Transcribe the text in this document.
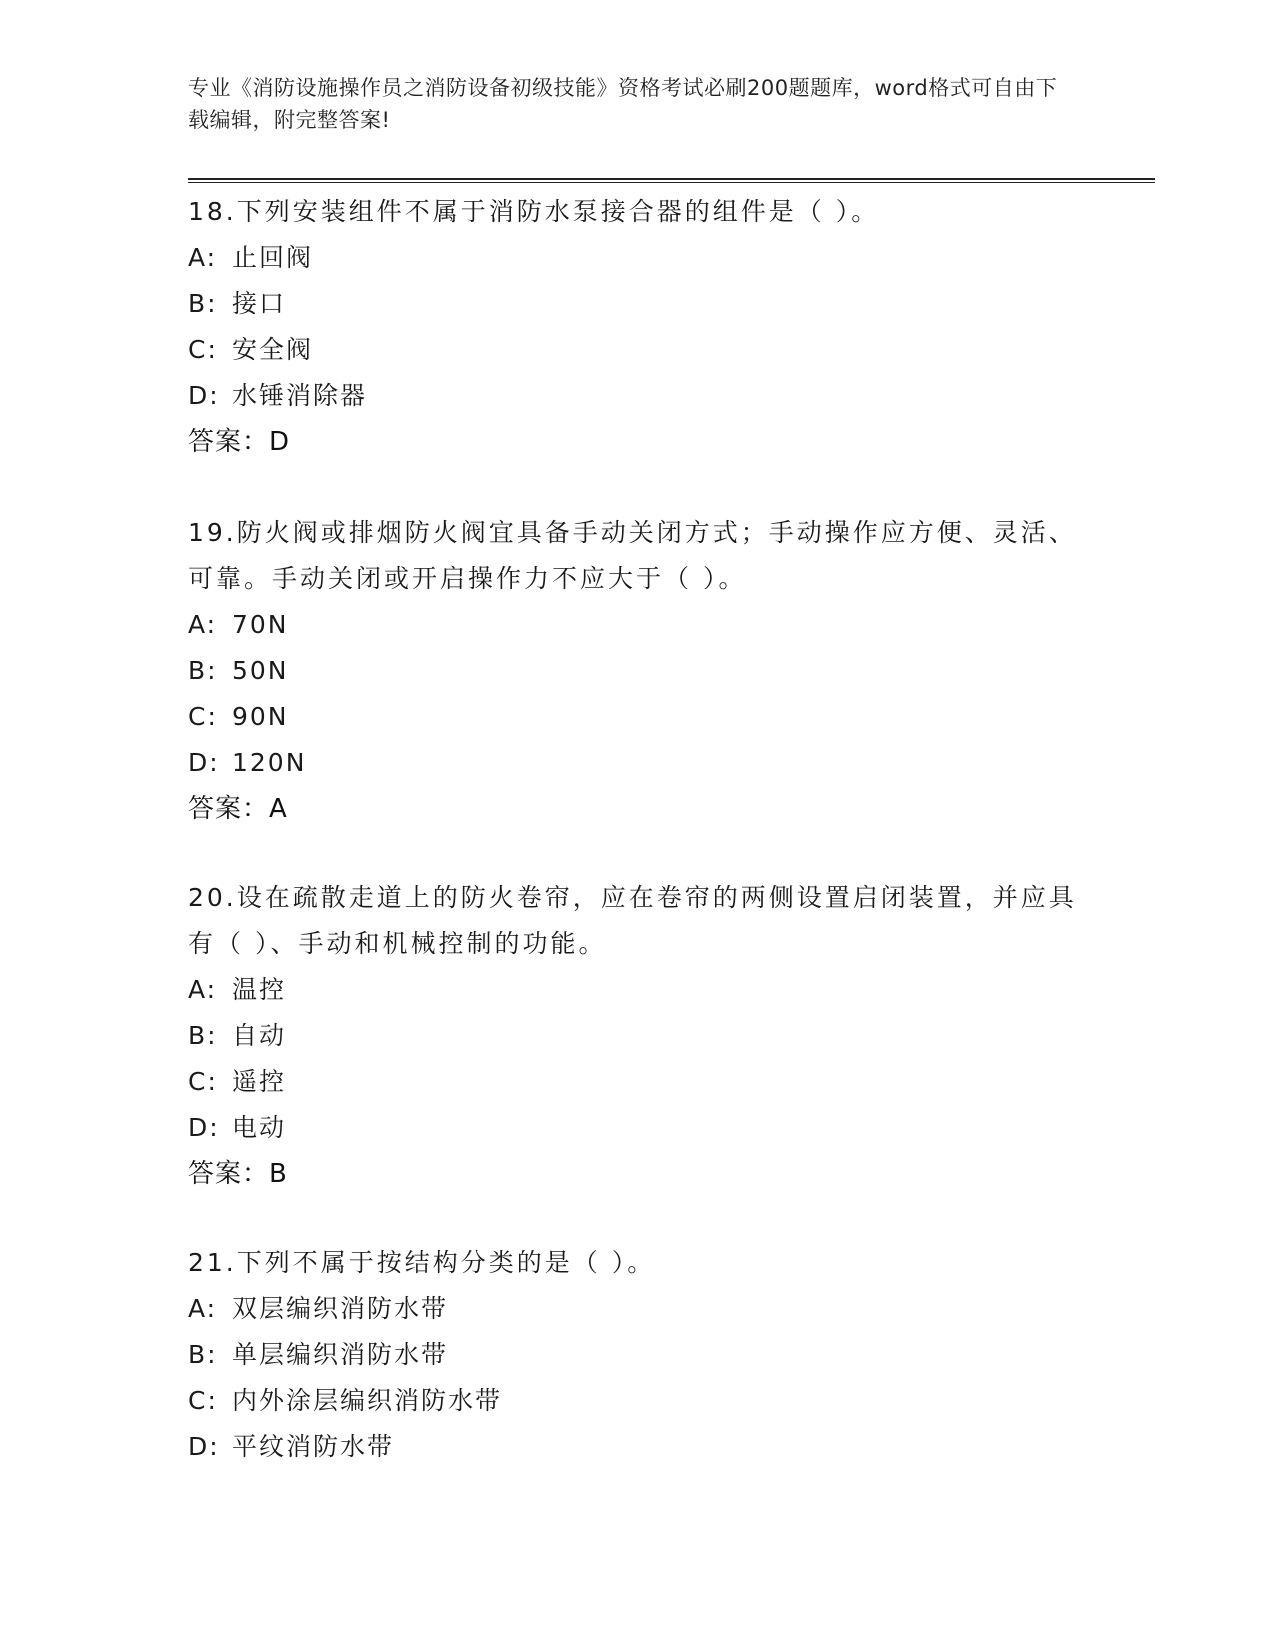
专业《消防设施操作员之消防设备初级技能》资格考试必刷200题题库，word格式可自由下载编辑，附完整答案!

18.下列安装组件不属于消防水泵接合器的组件是（ ）。

A: 止回阀

B: 接口

C: 安全阀

D: 水锤消除器

答案：D

19.防火阀或排烟防火阀宜具备手动关闭方式；手动操作应方便、灵活、可靠。手动关闭或开启操作力不应大于（ ）。

A: 70N

B: 50N

C: 90N

D: 120N

答案：A

20.设在疏散走道上的防火卷帘，应在卷帘的两侧设置启闭装置，并应具有（ ）、手动和机械控制的功能。

A: 温控

B: 自动

C: 遥控

D: 电动

答案：B

21.下列不属于按结构分类的是（ ）。

A: 双层编织消防水带

B: 单层编织消防水带

C: 内外涂层编织消防水带

D: 平纹消防水带
